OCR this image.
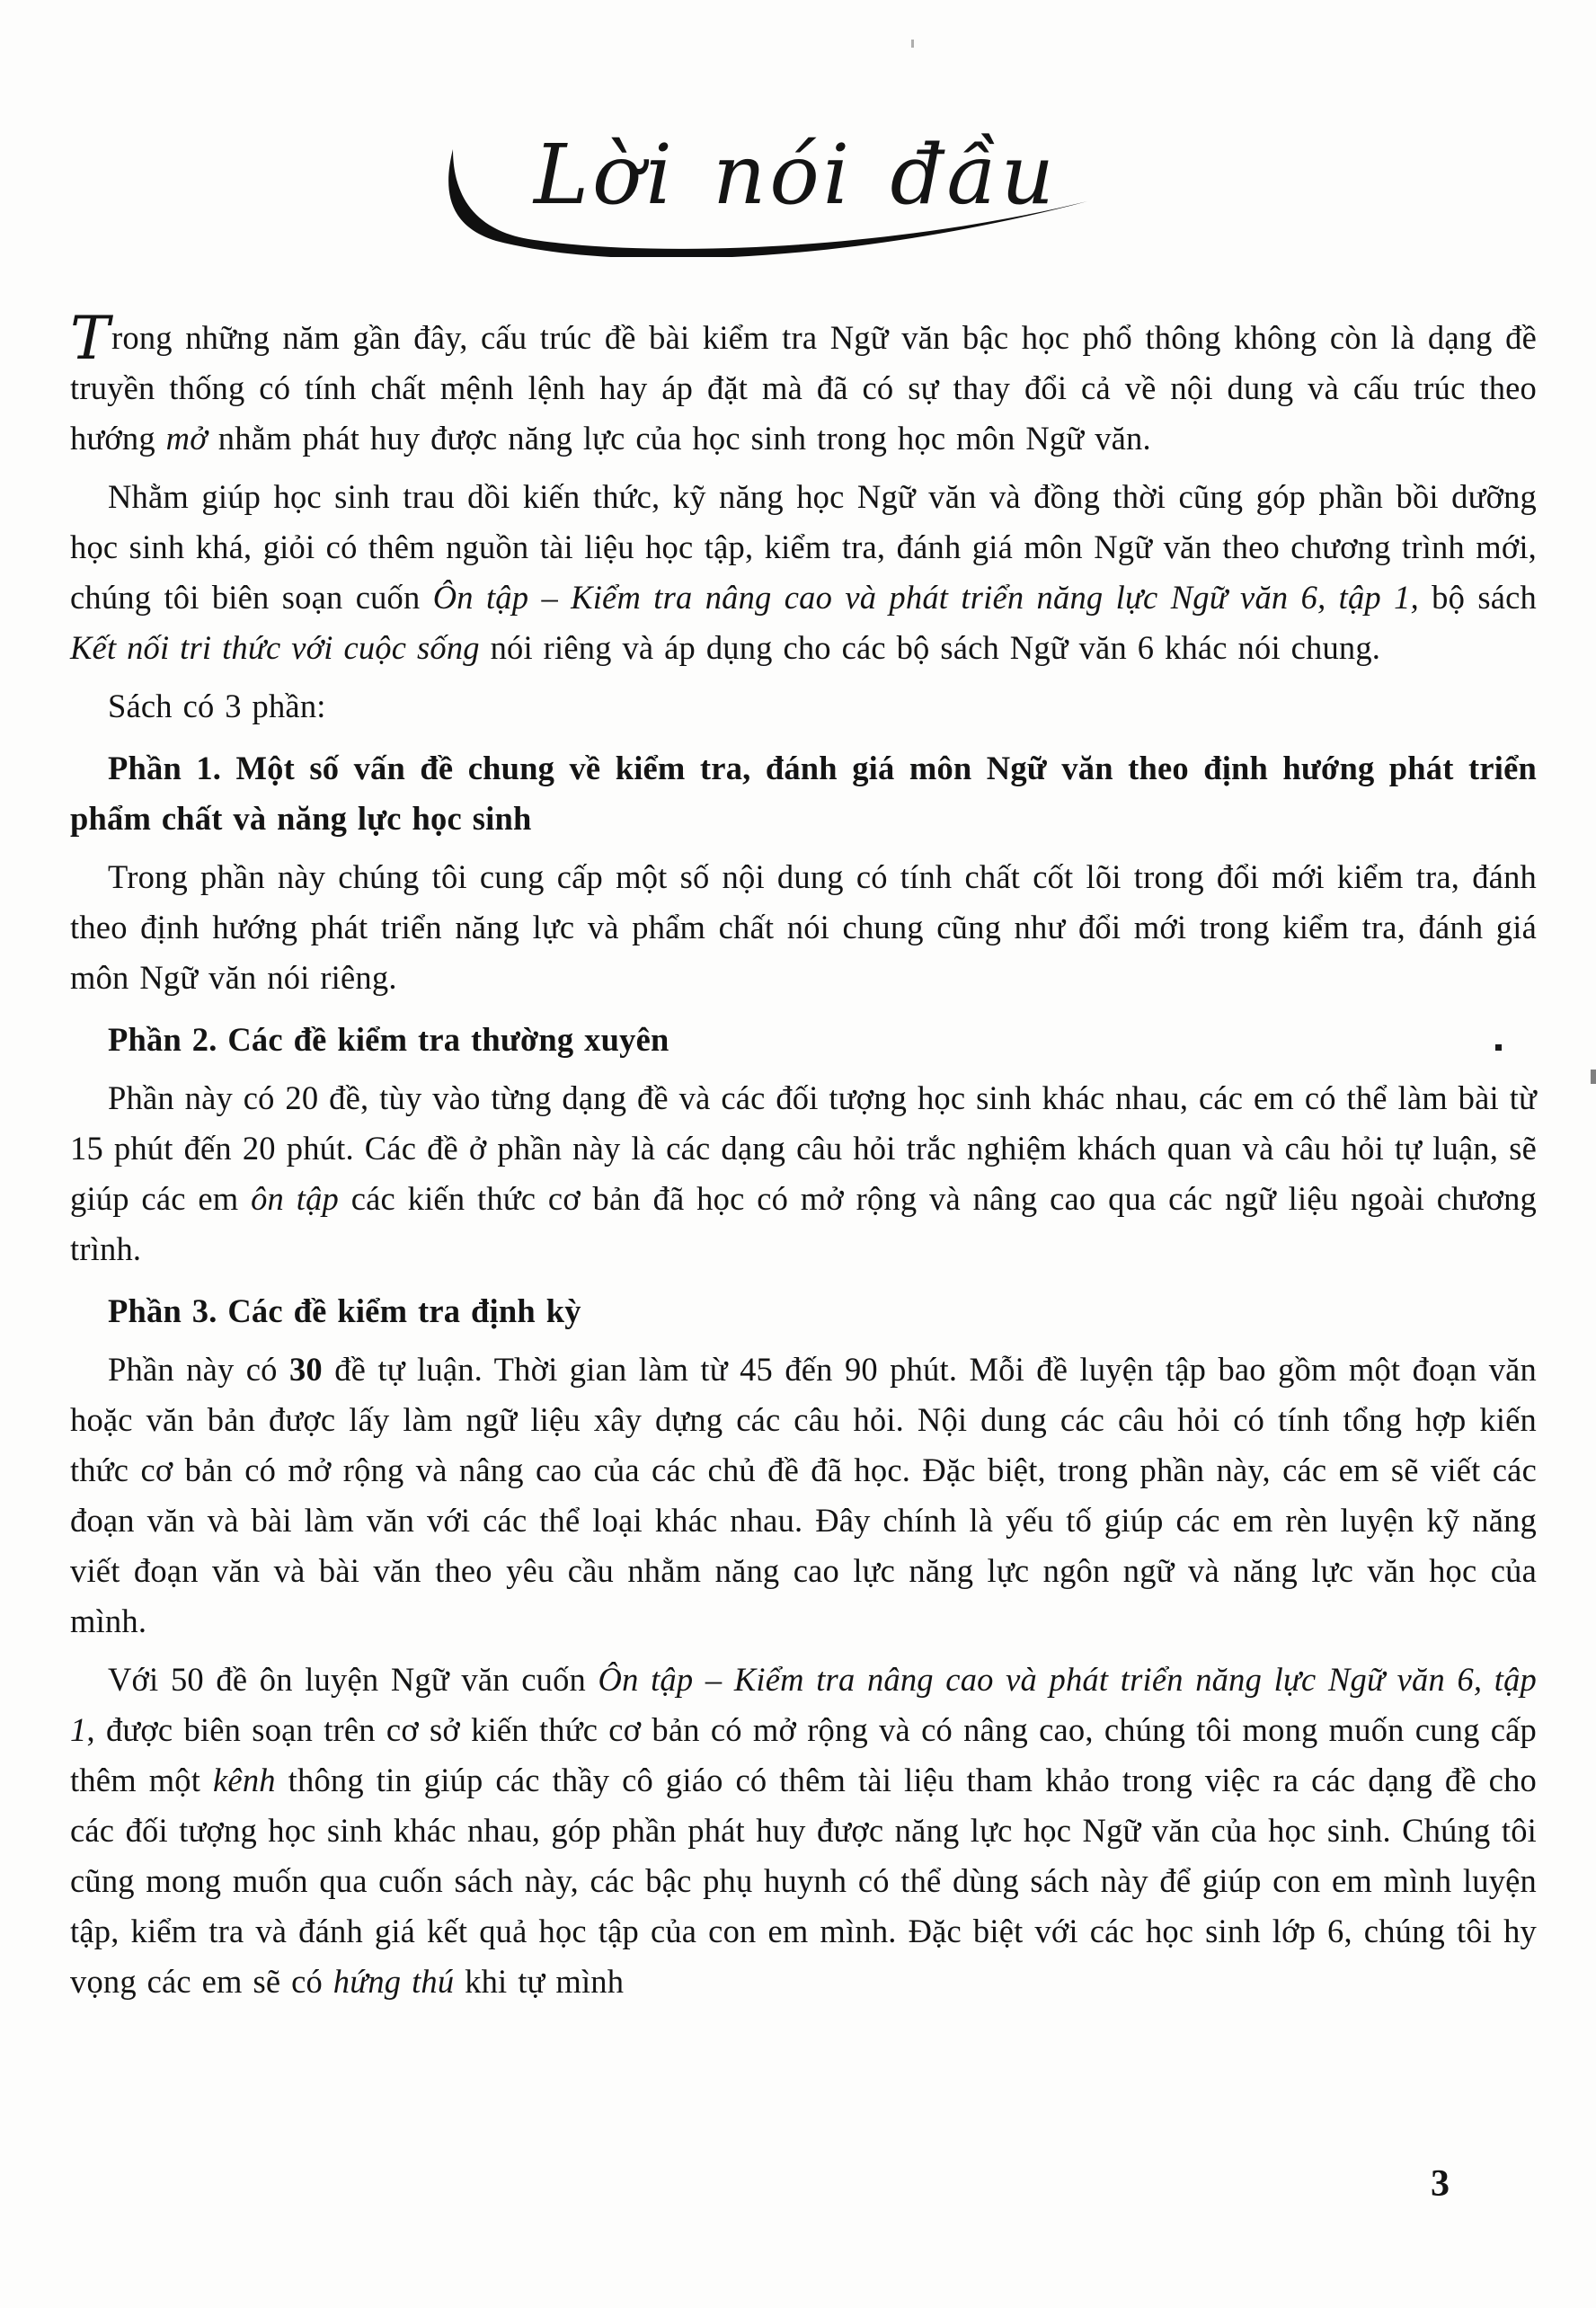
Lời nói đầu

Trong những năm gần đây, cấu trúc đề bài kiểm tra Ngữ văn bậc học phổ thông không còn là dạng đề truyền thống có tính chất mệnh lệnh hay áp đặt mà đã có sự thay đổi cả về nội dung và cấu trúc theo hướng mở nhằm phát huy được năng lực của học sinh trong học môn Ngữ văn.

Nhằm giúp học sinh trau dồi kiến thức, kỹ năng học Ngữ văn và đồng thời cũng góp phần bồi dưỡng học sinh khá, giỏi có thêm nguồn tài liệu học tập, kiểm tra, đánh giá môn Ngữ văn theo chương trình mới, chúng tôi biên soạn cuốn Ôn tập – Kiểm tra nâng cao và phát triển năng lực Ngữ văn 6, tập 1, bộ sách Kết nối tri thức với cuộc sống nói riêng và áp dụng cho các bộ sách Ngữ văn 6 khác nói chung.

Sách có 3 phần:

Phần 1. Một số vấn đề chung về kiểm tra, đánh giá môn Ngữ văn theo định hướng phát triển phẩm chất và năng lực học sinh

Trong phần này chúng tôi cung cấp một số nội dung có tính chất cốt lõi trong đổi mới kiểm tra, đánh theo định hướng phát triển năng lực và phẩm chất nói chung cũng như đổi mới trong kiểm tra, đánh giá môn Ngữ văn nói riêng.

Phần 2. Các đề kiểm tra thường xuyên

Phần này có 20 đề, tùy vào từng dạng đề và các đối tượng học sinh khác nhau, các em có thể làm bài từ 15 phút đến 20 phút. Các đề ở phần này là các dạng câu hỏi trắc nghiệm khách quan và câu hỏi tự luận, sẽ giúp các em ôn tập các kiến thức cơ bản đã học có mở rộng và nâng cao qua các ngữ liệu ngoài chương trình.

Phần 3. Các đề kiểm tra định kỳ

Phần này có 30 đề tự luận. Thời gian làm từ 45 đến 90 phút. Mỗi đề luyện tập bao gồm một đoạn văn hoặc văn bản được lấy làm ngữ liệu xây dựng các câu hỏi. Nội dung các câu hỏi có tính tổng hợp kiến thức cơ bản có mở rộng và nâng cao của các chủ đề đã học. Đặc biệt, trong phần này, các em sẽ viết các đoạn văn và bài làm văn với các thể loại khác nhau. Đây chính là yếu tố giúp các em rèn luyện kỹ năng viết đoạn văn và bài văn theo yêu cầu nhằm năng cao lực năng lực ngôn ngữ và năng lực văn học của mình.

Với 50 đề ôn luyện Ngữ văn cuốn Ôn tập – Kiểm tra nâng cao và phát triển năng lực Ngữ văn 6, tập 1, được biên soạn trên cơ sở kiến thức cơ bản có mở rộng và có nâng cao, chúng tôi mong muốn cung cấp thêm một kênh thông tin giúp các thầy cô giáo có thêm tài liệu tham khảo trong việc ra các dạng đề cho các đối tượng học sinh khác nhau, góp phần phát huy được năng lực học Ngữ văn của học sinh. Chúng tôi cũng mong muốn qua cuốn sách này, các bậc phụ huynh có thể dùng sách này để giúp con em mình luyện tập, kiểm tra và đánh giá kết quả học tập của con em mình. Đặc biệt với các học sinh lớp 6, chúng tôi hy vọng các em sẽ có hứng thú khi tự mình

3
